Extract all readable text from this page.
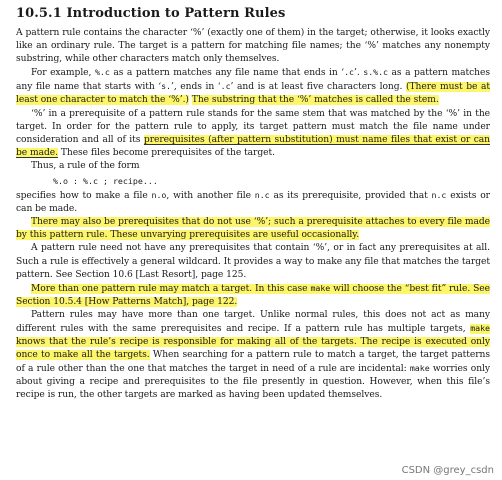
10.5.1 Introduction to Pattern Rules

A pattern rule contains the character ‘%’ (exactly one of them) in the target; otherwise, it looks exactly like an ordinary rule. The target is a pattern for matching file names; the ‘%’ matches any nonempty substring, while other characters match only themselves.

For example, %.c as a pattern matches any file name that ends in ‘.c’. s.%.c as a pattern matches any file name that starts with ‘s.’, ends in ‘.c’ and is at least five characters long. (There must be at least one character to match the ‘%’.) The substring that the ‘%’ matches is called the stem.

‘%’ in a prerequisite of a pattern rule stands for the same stem that was matched by the ‘%’ in the target. In order for the pattern rule to apply, its target pattern must match the file name under consideration and all of its prerequisites (after pattern substitution) must name files that exist or can be made. These files become prerequisites of the target.

Thus, a rule of the form

%.o : %.c ; recipe...

specifies how to make a file n.o, with another file n.c as its prerequisite, provided that n.c exists or can be made.

There may also be prerequisites that do not use ‘%’; such a prerequisite attaches to every file made by this pattern rule. These unvarying prerequisites are useful occasionally.

A pattern rule need not have any prerequisites that contain ‘%’, or in fact any prerequisites at all. Such a rule is effectively a general wildcard. It provides a way to make any file that matches the target pattern. See Section 10.6 [Last Resort], page 125.

More than one pattern rule may match a target. In this case make will choose the “best fit” rule. See Section 10.5.4 [How Patterns Match], page 122.

Pattern rules may have more than one target. Unlike normal rules, this does not act as many different rules with the same prerequisites and recipe. If a pattern rule has multiple targets, make knows that the rule’s recipe is responsible for making all of the targets. The recipe is executed only once to make all the targets. When searching for a pattern rule to match a target, the target patterns of a rule other than the one that matches the target in need of a rule are incidental: make worries only about giving a recipe and prerequisites to the file presently in question. However, when this file’s recipe is run, the other targets are marked as having been updated themselves.

CSDN @grey_csdn
